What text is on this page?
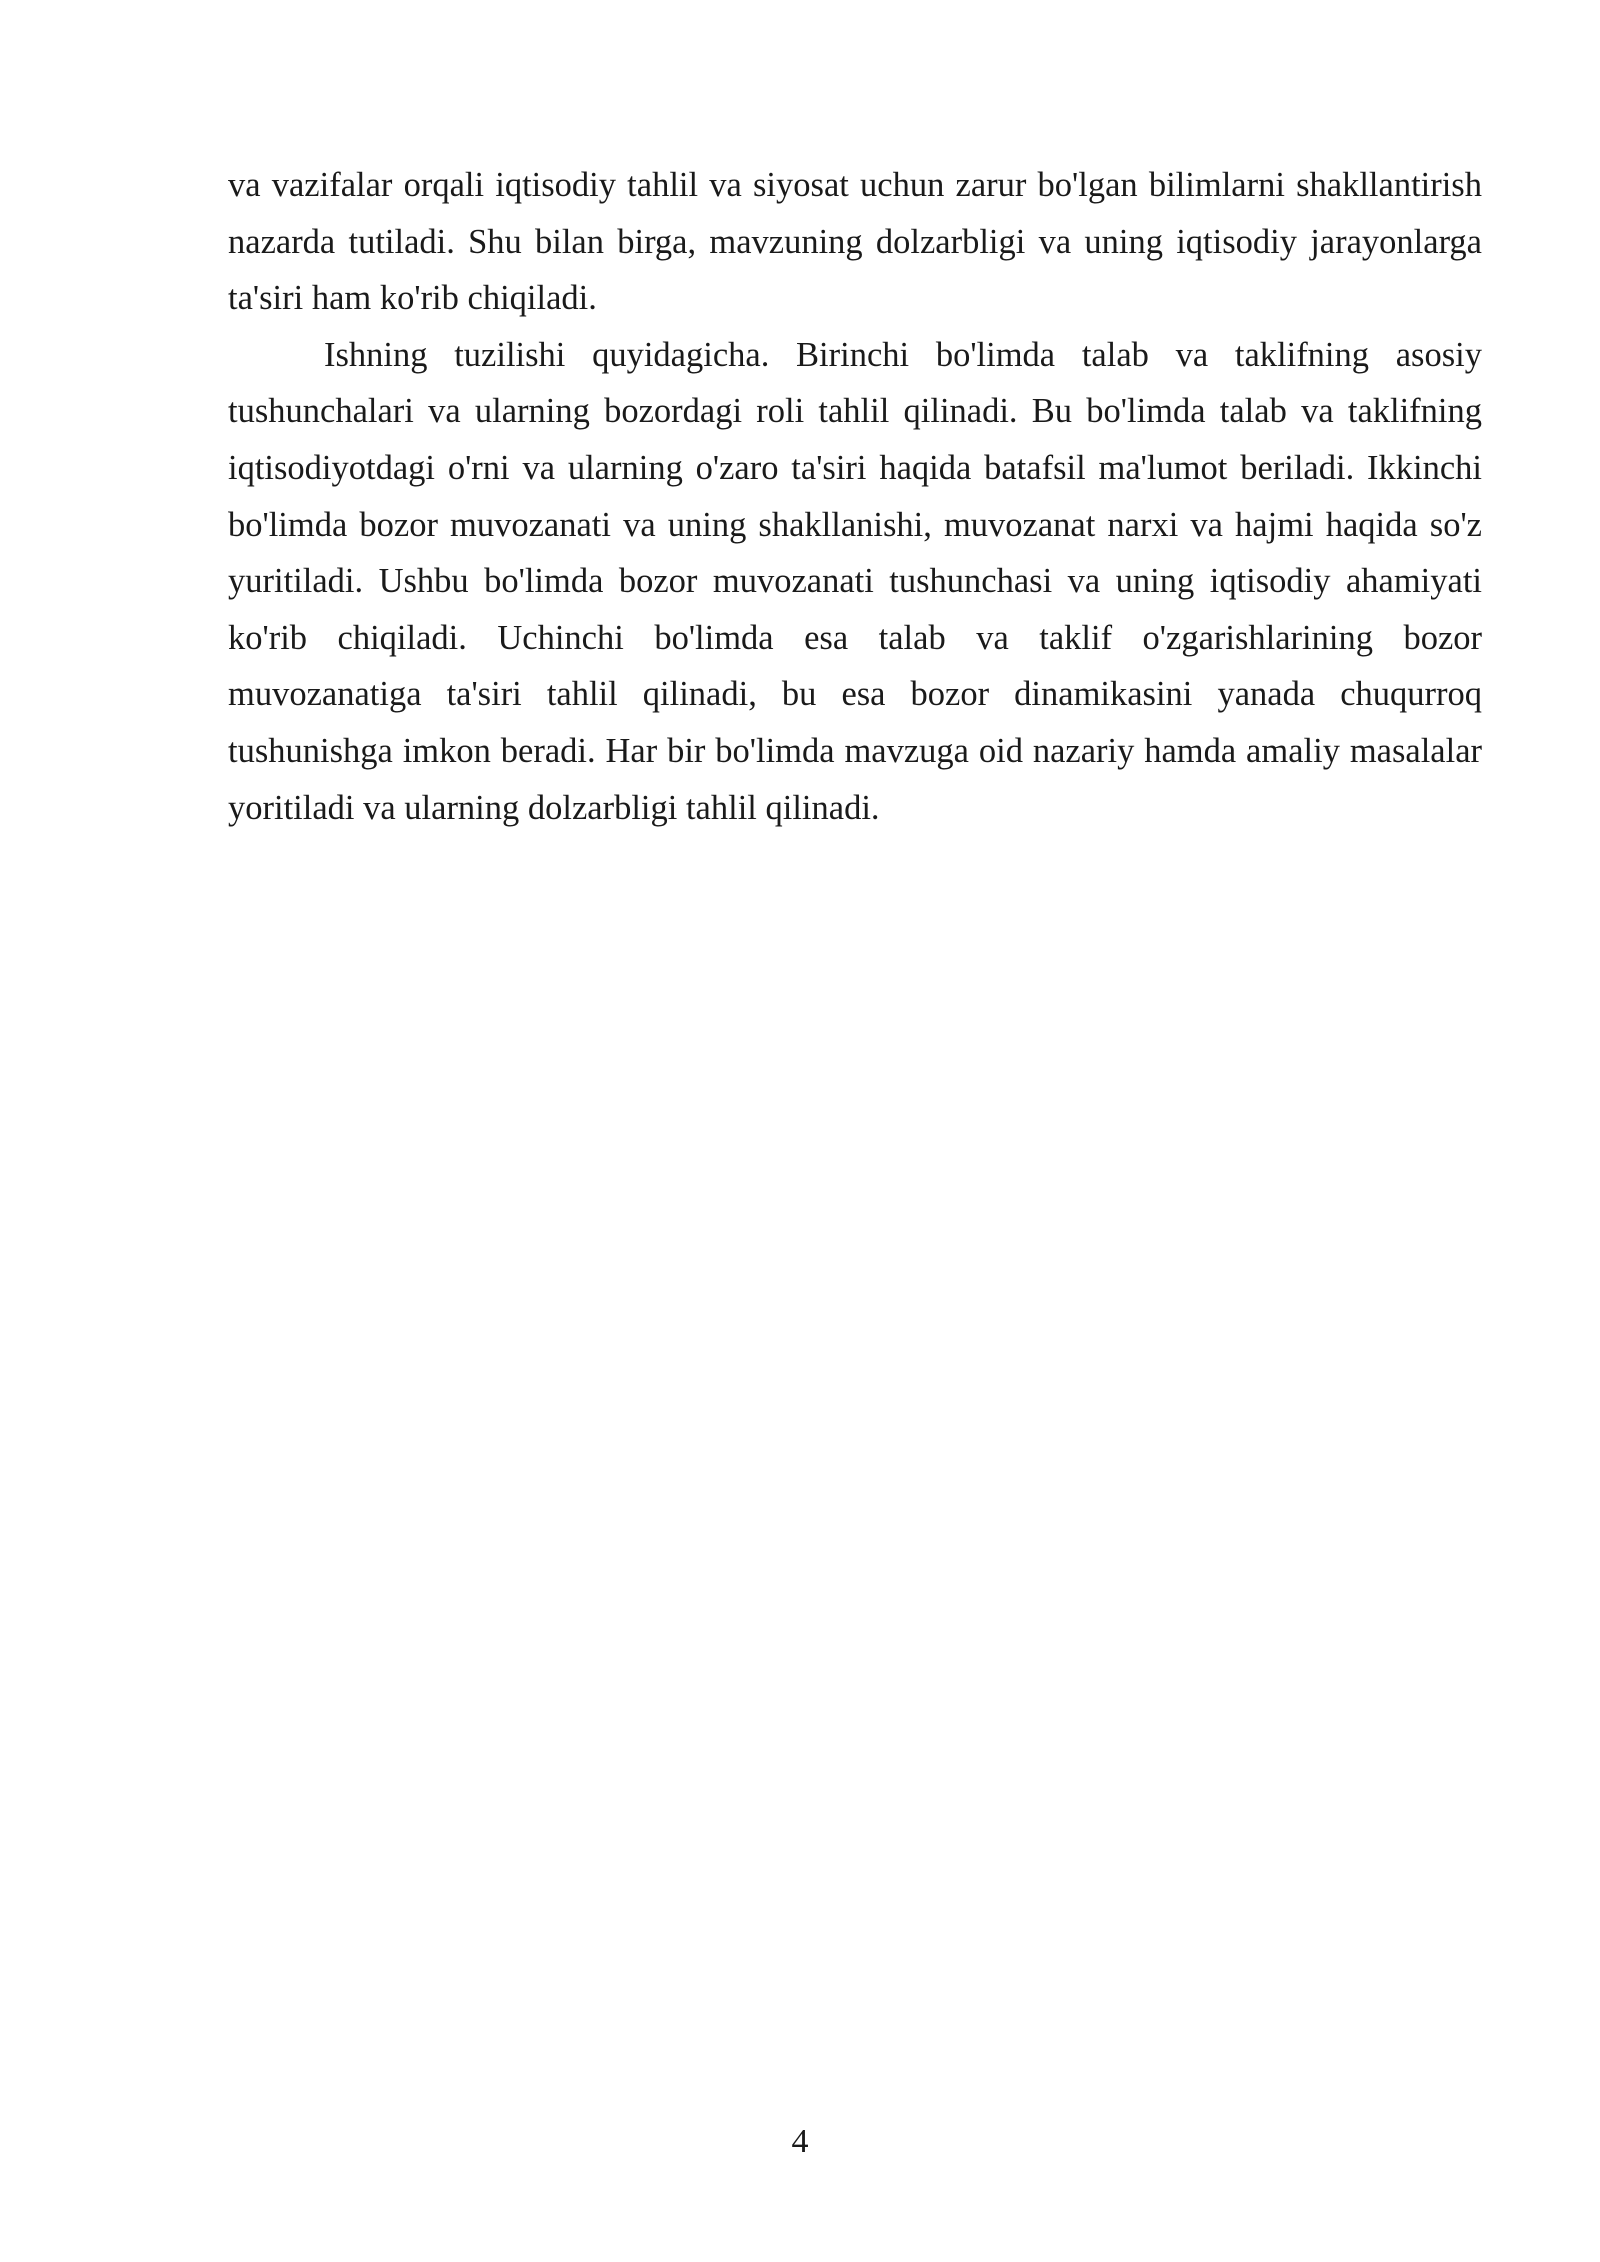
va vazifalar orqali iqtisodiy tahlil va siyosat uchun zarur bo'lgan bilimlarni shakllantirish nazarda tutiladi. Shu bilan birga, mavzuning dolzarbligi va uning iqtisodiy jarayonlarga ta'siri ham ko'rib chiqiladi.

Ishning tuzilishi quyidagicha. Birinchi bo'limda talab va taklifning asosiy tushunchalari va ularning bozordagi roli tahlil qilinadi. Bu bo'limda talab va taklifning iqtisodiyotdagi o'rni va ularning o'zaro ta'siri haqida batafsil ma'lumot beriladi. Ikkinchi bo'limda bozor muvozanati va uning shakllanishi, muvozanat narxi va hajmi haqida so'z yuritiladi. Ushbu bo'limda bozor muvozanati tushunchasi va uning iqtisodiy ahamiyati ko'rib chiqiladi. Uchinchi bo'limda esa talab va taklif o'zgarishlarining bozor muvozanatiga ta'siri tahlil qilinadi, bu esa bozor dinamikasini yanada chuqurroq tushunishga imkon beradi. Har bir bo'limda mavzuga oid nazariy hamda amaliy masalalar yoritiladi va ularning dolzarbligi tahlil qilinadi.

4
